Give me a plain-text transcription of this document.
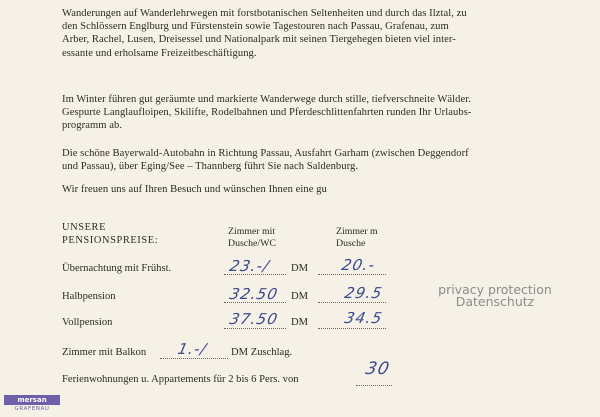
Wanderungen auf Wanderlehrwegen mit forstbotanischen Seltenheiten und durch das Ilztal, zu
den Schlössern Englburg und Fürstenstein sowie Tagestouren nach Passau, Grafenau, zum
Arber, Rachel, Lusen, Dreisessel und Nationalpark mit seinen Tiergehegen bieten viel inter-
essante und erholsame Freizeitbeschäftigung.
Im Winter führen gut geräumte und markierte Wanderwege durch stille, tiefverschneite Wälder.
Gespurte Langlaufloipen, Skilifte, Rodelbahnen und Pferdeschlittenfahrten runden Ihr Urlaubs-
programm ab.
Die schöne Bayerwald-Autobahn in Richtung Passau, Ausfahrt Garham (zwischen Deggendorf
und Passau), über Eging/See – Thannberg führt Sie nach Saldenburg.
Wir freuen uns auf Ihren Besuch und wünschen Ihnen eine gu
UNSERE
PENSIONSPREISE:
Zimmer mit
Dusche/WC
Zimmer m
Dusche
Übernachtung mit Frühst.	23.-/ DM 20.-
Halbpension	32.50 DM 29.5
Vollpension	37.50 DM 34.5
Zimmer mit Balkon 1.-/ DM Zuschlag.
Ferienwohnungen u. Appartements für 2 bis 6 Pers. von
30
privacy protection
Datenschutz
mersan
GRAFENAU
